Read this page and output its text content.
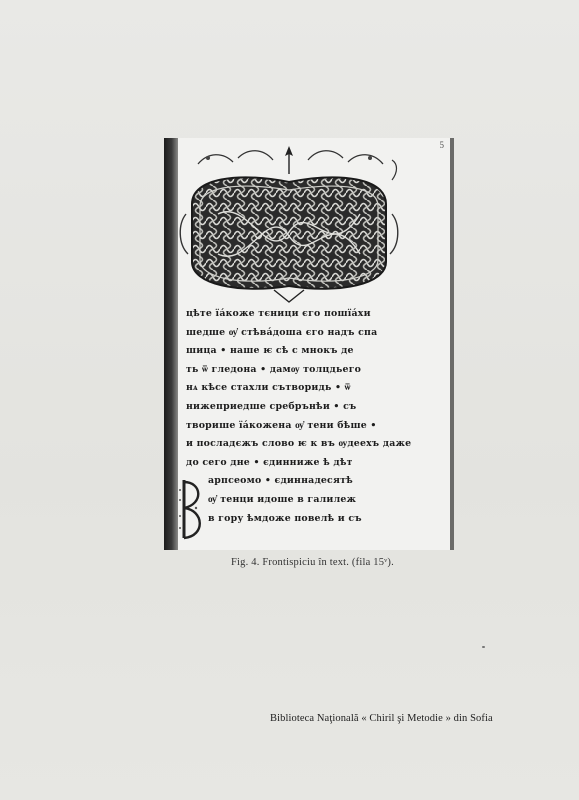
5
цѣте їáкоже тєници єго пошїáхи
шедше ѹ҆ стѣвáдоша єго надъ спа
шица • наше ѥ сѣ с мнокъ де
ть ѿ гледона • дамѹ толцдьего
нѧ кѣсе стахли сътворидь • ѿ
нижеприедше сребрънѣи • съ
творише їáкожена ѹ҆ тени бѣше •
и посладєжъ слово ѥ к въ ѹдеехъ даже
до сего дне • єдинниже ѣ дѣт
арпсеомо • єдиннадесятѣ
ѹ҆ тенци идоше в галилеж
в гору ѣмдоже повелѣ и съ
Fig. 4. Frontispiciu în text. (fila 15ᵛ).
Biblioteca Naţională « Chiril şi Metodie » din Sofia
